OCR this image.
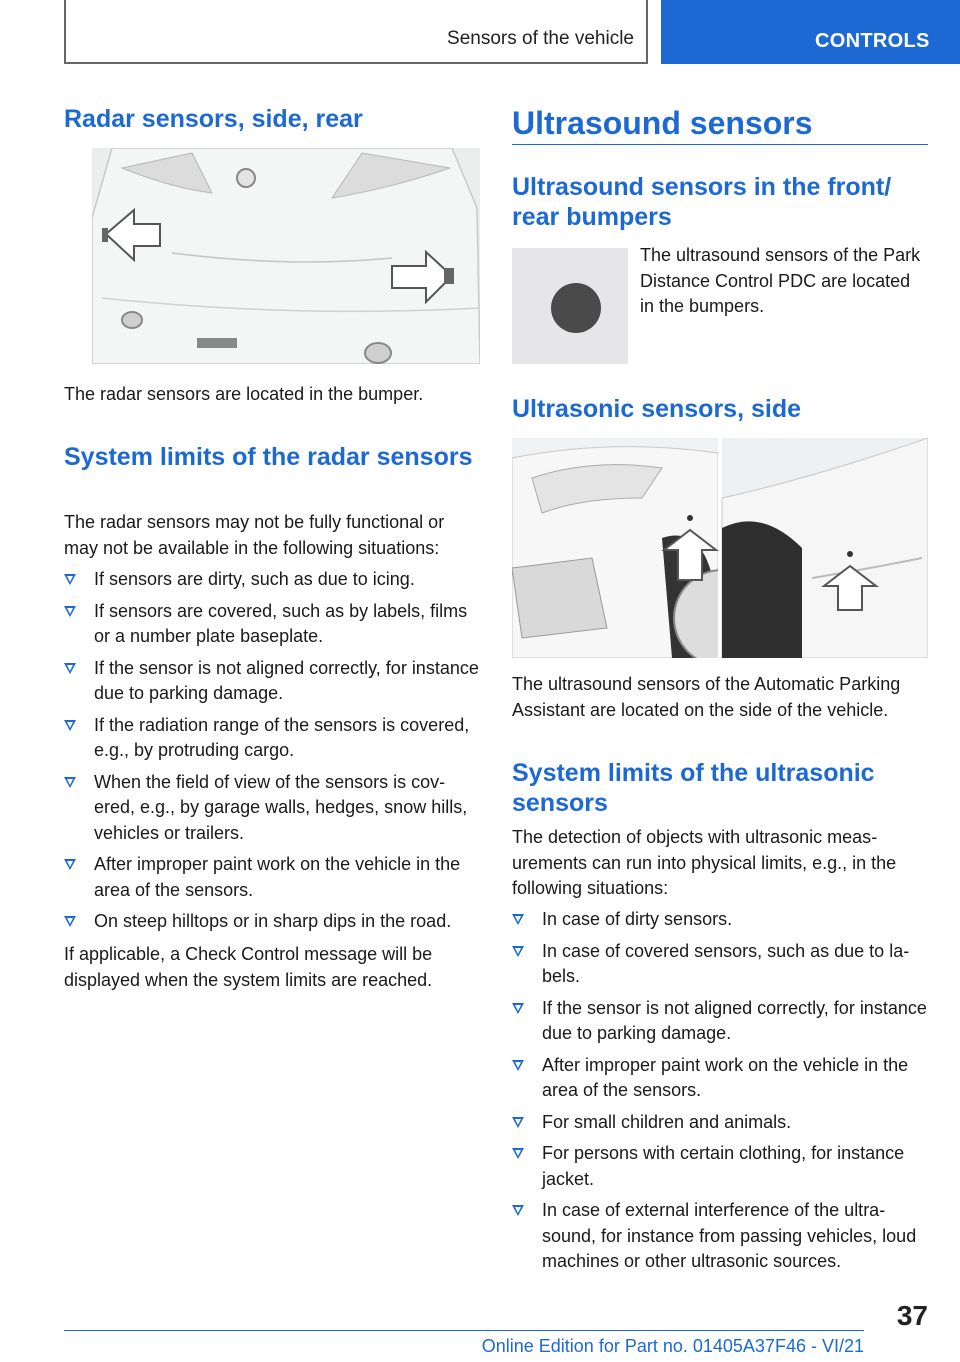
Sensors of the vehicle	CONTROLS
Radar sensors, side, rear

The radar sensors are located in the bumper.

System limits of the radar sensors

The radar sensors may not be fully functional or may not be available in the following situations:

If sensors are dirty, such as due to icing.
If sensors are covered, such as by labels, films or a number plate baseplate.
If the sensor is not aligned correctly, for instance due to parking damage.
If the radiation range of the sensors is covered, e.g., by protruding cargo.
When the field of view of the sensors is covered, e.g., by garage walls, hedges, snow hills, vehicles or trailers.
After improper paint work on the vehicle in the area of the sensors.
On steep hilltops or in sharp dips in the road.

If applicable, a Check Control message will be displayed when the system limits are reached.

Ultrasound sensors
Ultrasound sensors in the front/ rear bumpers

The ultrasound sensors of the Park Distance Control PDC are located in the bumpers.

Ultrasonic sensors, side

The ultrasound sensors of the Automatic Parking Assistant are located on the side of the vehicle.

System limits of the ultrasonic sensors

The detection of objects with ultrasonic measurements can run into physical limits, e.g., in the following situations:

In case of dirty sensors.
In case of covered sensors, such as due to labels.
If the sensor is not aligned correctly, for instance due to parking damage.
After improper paint work on the vehicle in the area of the sensors.
For small children and animals.
For persons with certain clothing, for instance jacket.
In case of external interference of the ultrasound, for instance from passing vehicles, loud machines or other ultrasonic sources.
37
Online Edition for Part no. 01405A37F46 - VI/21
